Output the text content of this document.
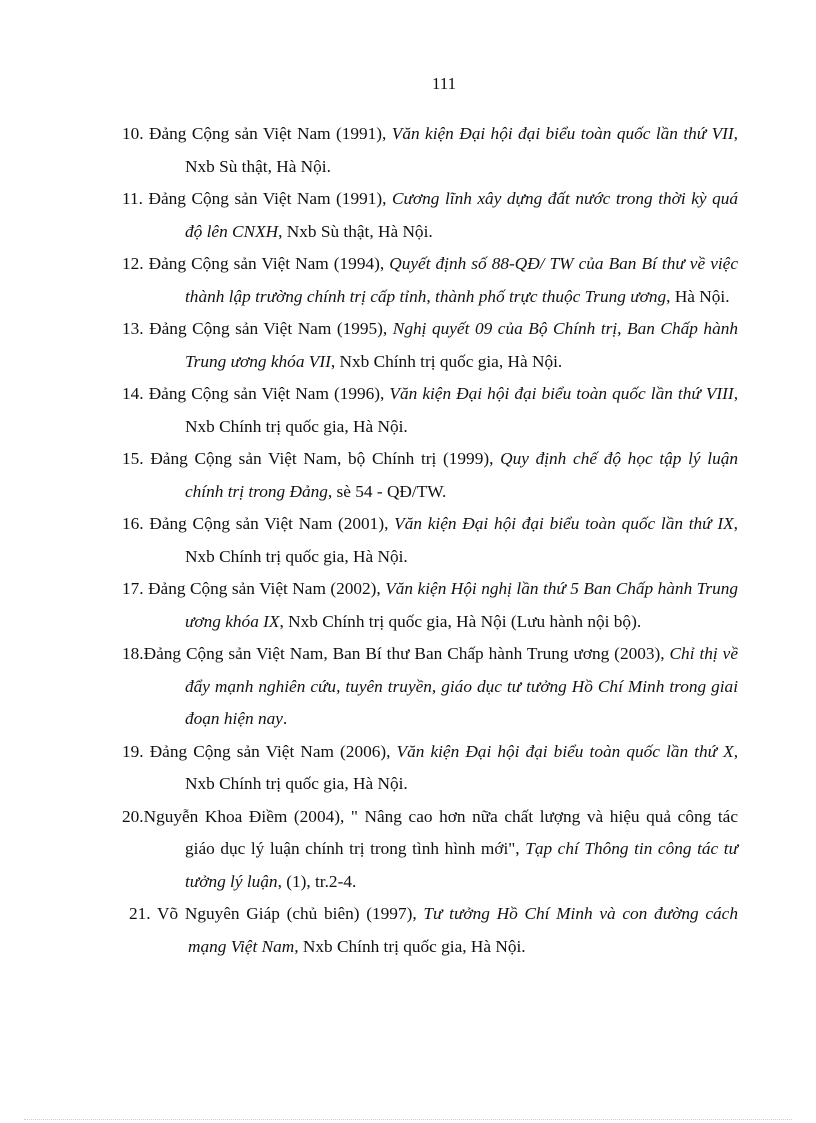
111

10. Đảng Cộng sản Việt Nam (1991), Văn kiện Đại hội đại biểu toàn quốc lần thứ VII, Nxb Sù thật, Hà Nội.

11. Đảng Cộng sản Việt Nam (1991), Cương lĩnh xây dựng đất nước trong thời kỳ quá độ lên CNXH, Nxb Sù thật, Hà Nội.

12. Đảng Cộng sản Việt Nam (1994), Quyết định số 88-QĐ/ TW của Ban Bí thư về việc thành lập trường chính trị cấp tỉnh, thành phố trực thuộc Trung ương, Hà Nội.

13. Đảng Cộng sản Việt Nam (1995), Nghị quyết 09 của Bộ Chính trị, Ban Chấp hành Trung ương khóa VII, Nxb Chính trị quốc gia, Hà Nội.

14. Đảng Cộng sản Việt Nam (1996), Văn kiện Đại hội đại biểu toàn quốc lần thứ VIII, Nxb Chính trị quốc gia, Hà Nội.

15. Đảng Cộng sản Việt Nam, bộ Chính trị (1999), Quy định chế độ học tập lý luận chính trị trong Đảng, sè 54 - QĐ/TW.

16. Đảng Cộng sản Việt Nam (2001), Văn kiện Đại hội đại biểu toàn quốc lần thứ IX, Nxb Chính trị quốc gia, Hà Nội.

17. Đảng Cộng sản Việt Nam (2002), Văn kiện Hội nghị lần thứ 5 Ban Chấp hành Trung ương khóa IX, Nxb Chính trị quốc gia, Hà Nội (Lưu hành nội bộ).

18.Đảng Cộng sản Việt Nam, Ban Bí thư Ban Chấp hành Trung ương (2003), Chỉ thị về đẩy mạnh nghiên cứu, tuyên truyền, giáo dục tư tưởng Hồ Chí Minh trong giai đoạn hiện nay.

19. Đảng Cộng sản Việt Nam (2006), Văn kiện Đại hội đại biểu toàn quốc lần thứ X, Nxb Chính trị quốc gia, Hà Nội.

20.Nguyễn Khoa Điềm (2004), " Nâng cao hơn nữa chất lượng và hiệu quả công tác giáo dục lý luận chính trị trong tình hình mới", Tạp chí Thông tin công tác tư tưởng lý luận, (1), tr.2-4.

21. Võ Nguyên Giáp (chủ biên) (1997), Tư tưởng Hồ Chí Minh và con đường cách mạng Việt Nam, Nxb Chính trị quốc gia, Hà Nội.
